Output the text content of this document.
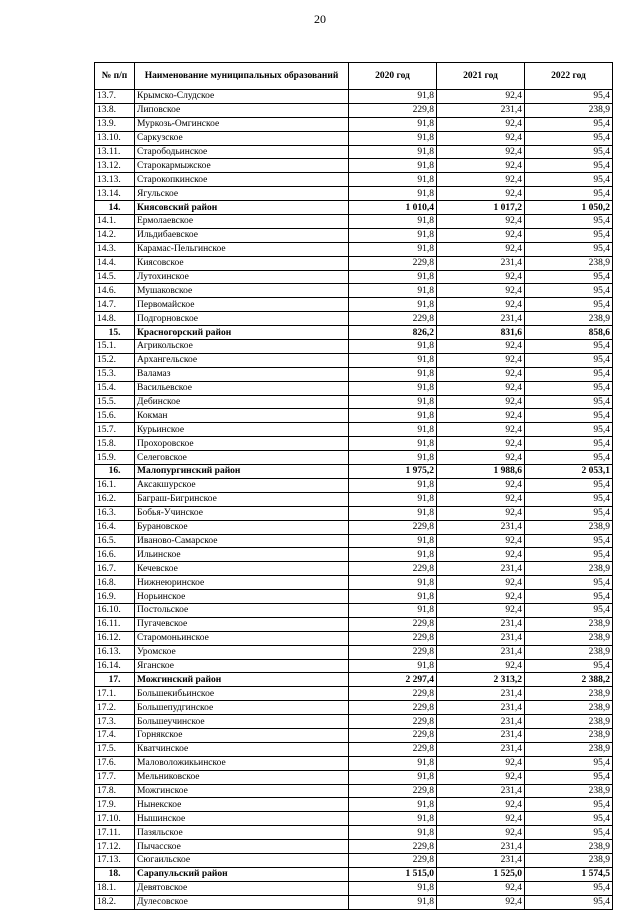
20
№ п/п	Наименование муниципальных образований	2020 год	2021 год	2022 год
13.7.	Крымско-Слудское	91,8	92,4	95,4
13.8.	Липовское	229,8	231,4	238,9
13.9.	Муркозь-Омгинское	91,8	92,4	95,4
13.10.	Саркузское	91,8	92,4	95,4
13.11.	Старободьинское	91,8	92,4	95,4
13.12.	Старокармыжское	91,8	92,4	95,4
13.13.	Старокопкинское	91,8	92,4	95,4
13.14.	Ягульское	91,8	92,4	95,4
14.	Киясовский район	1 010,4	1 017,2	1 050,2
14.1.	Ермолаевское	91,8	92,4	95,4
14.2.	Ильдибаевское	91,8	92,4	95,4
14.3.	Карамас-Пельгинское	91,8	92,4	95,4
14.4.	Киясовское	229,8	231,4	238,9
14.5.	Лутохинское	91,8	92,4	95,4
14.6.	Мушаковское	91,8	92,4	95,4
14.7.	Первомайское	91,8	92,4	95,4
14.8.	Подгорновское	229,8	231,4	238,9
15.	Красногорский район	826,2	831,6	858,6
15.1.	Агрикольское	91,8	92,4	95,4
15.2.	Архангельское	91,8	92,4	95,4
15.3.	Валамаз	91,8	92,4	95,4
15.4.	Васильевское	91,8	92,4	95,4
15.5.	Дебинское	91,8	92,4	95,4
15.6.	Кокман	91,8	92,4	95,4
15.7.	Курьинское	91,8	92,4	95,4
15.8.	Прохоровское	91,8	92,4	95,4
15.9.	Селеговское	91,8	92,4	95,4
16.	Малопургинский район	1 975,2	1 988,6	2 053,1
16.1.	Аксакшурское	91,8	92,4	95,4
16.2.	Баграш-Бигринское	91,8	92,4	95,4
16.3.	Бобья-Учинское	91,8	92,4	95,4
16.4.	Бурановское	229,8	231,4	238,9
16.5.	Иваново-Самарское	91,8	92,4	95,4
16.6.	Ильинское	91,8	92,4	95,4
16.7.	Кечевское	229,8	231,4	238,9
16.8.	Нижнеюринское	91,8	92,4	95,4
16.9.	Норьинское	91,8	92,4	95,4
16.10.	Постольское	91,8	92,4	95,4
16.11.	Пугачевское	229,8	231,4	238,9
16.12.	Старомоньинское	229,8	231,4	238,9
16.13.	Уромское	229,8	231,4	238,9
16.14.	Яганское	91,8	92,4	95,4
17.	Можгинский район	2 297,4	2 313,2	2 388,2
17.1.	Большекибьинское	229,8	231,4	238,9
17.2.	Большепудгинское	229,8	231,4	238,9
17.3.	Большеучинское	229,8	231,4	238,9
17.4.	Горнякское	229,8	231,4	238,9
17.5.	Кватчинское	229,8	231,4	238,9
17.6.	Маловоложикьинское	91,8	92,4	95,4
17.7.	Мельниковское	91,8	92,4	95,4
17.8.	Можгинское	229,8	231,4	238,9
17.9.	Нынекское	91,8	92,4	95,4
17.10.	Нышинское	91,8	92,4	95,4
17.11.	Пазяльское	91,8	92,4	95,4
17.12.	Пычасское	229,8	231,4	238,9
17.13.	Сюгаильское	229,8	231,4	238,9
18.	Сарапульский район	1 515,0	1 525,0	1 574,5
18.1.	Девятовское	91,8	92,4	95,4
18.2.	Дулесовское	91,8	92,4	95,4
